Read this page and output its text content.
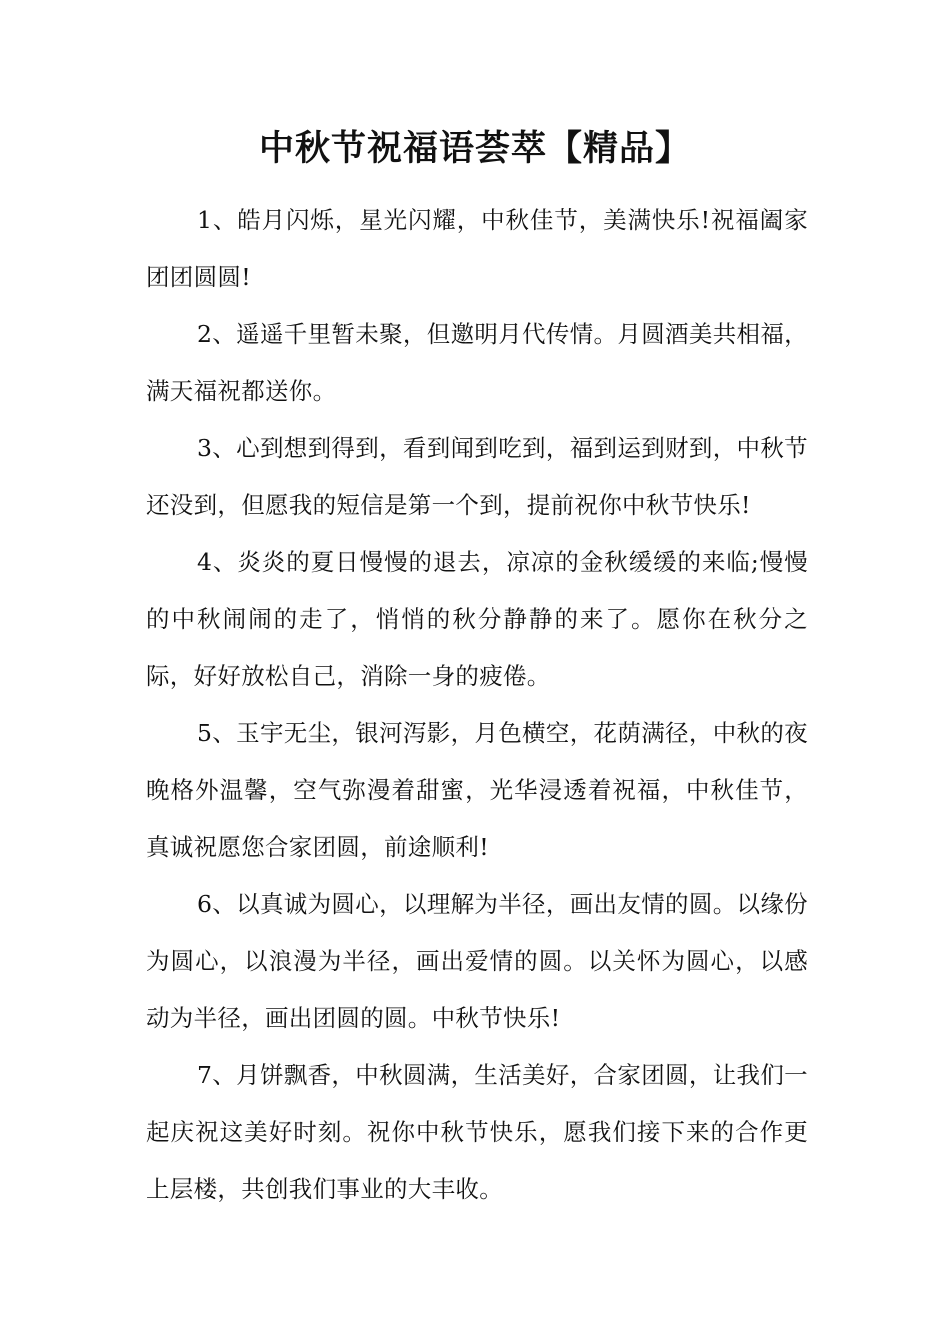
中秋节祝福语荟萃【精品】

1、皓月闪烁，星光闪耀，中秋佳节，美满快乐!祝福阖家团团圆圆!

2、遥遥千里暂未聚，但邀明月代传情。月圆酒美共相福，满天福祝都送你。

3、心到想到得到，看到闻到吃到，福到运到财到，中秋节还没到，但愿我的短信是第一个到，提前祝你中秋节快乐!

4、炎炎的夏日慢慢的退去，凉凉的金秋缓缓的来临;慢慢的中秋闹闹的走了，悄悄的秋分静静的来了。愿你在秋分之际，好好放松自己，消除一身的疲倦。

5、玉宇无尘，银河泻影，月色横空，花荫满径，中秋的夜晚格外温馨，空气弥漫着甜蜜，光华浸透着祝福，中秋佳节，真诚祝愿您合家团圆，前途顺利!

6、以真诚为圆心，以理解为半径，画出友情的圆。以缘份为圆心，以浪漫为半径，画出爱情的圆。以关怀为圆心，以感动为半径，画出团圆的圆。中秋节快乐!

7、月饼飘香，中秋圆满，生活美好，合家团圆，让我们一起庆祝这美好时刻。祝你中秋节快乐，愿我们接下来的合作更上层楼，共创我们事业的大丰收。
